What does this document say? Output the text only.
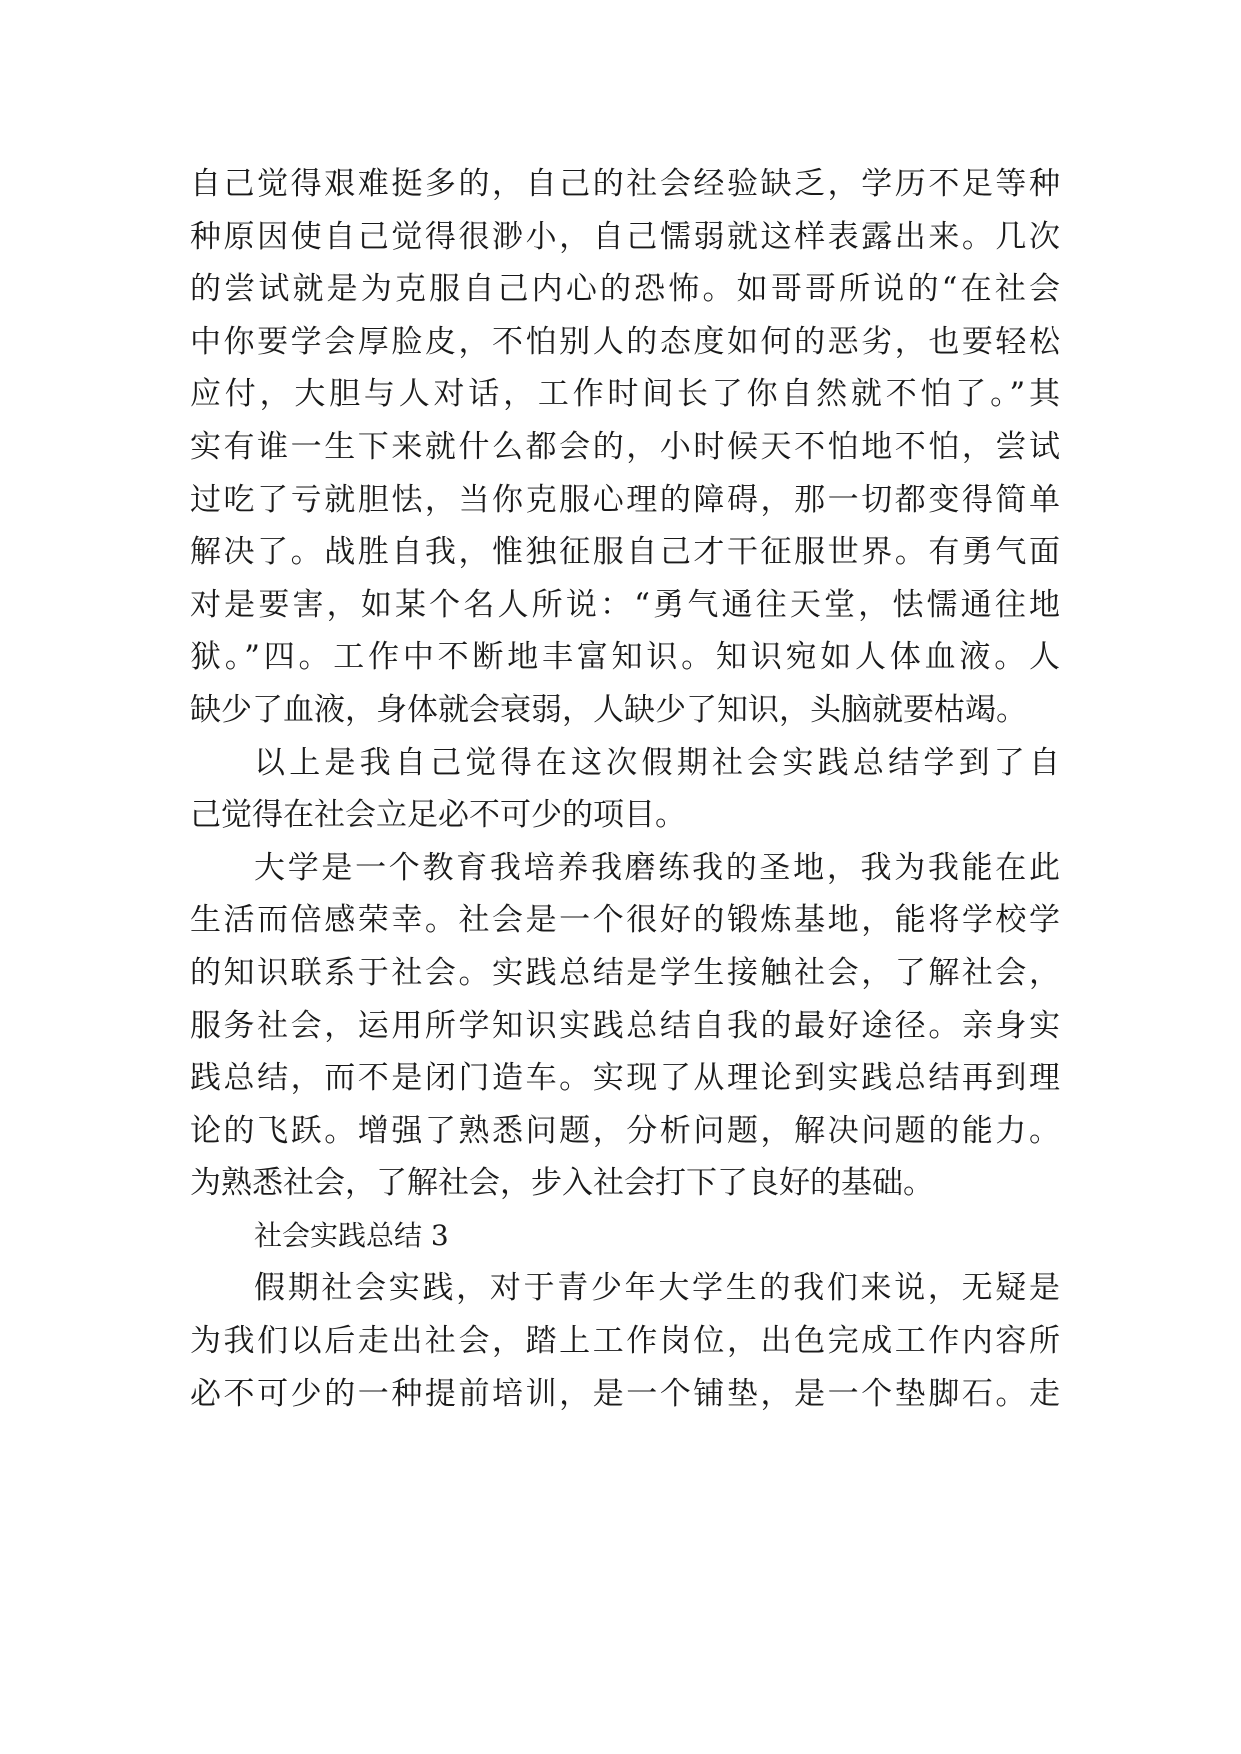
自己觉得艰难挺多的，自己的社会经验缺乏，学历不足等种
种原因使自己觉得很渺小，自己懦弱就这样表露出来。几次
的尝试就是为克服自己内心的恐怖。如哥哥所说的“在社会
中你要学会厚脸皮，不怕别人的态度如何的恶劣，也要轻松
应付，大胆与人对话，工作时间长了你自然就不怕了。”其
实有谁一生下来就什么都会的，小时候天不怕地不怕，尝试
过吃了亏就胆怯，当你克服心理的障碍，那一切都变得简单
解决了。战胜自我，惟独征服自己才干征服世界。有勇气面
对是要害，如某个名人所说：“勇气通往天堂，怯懦通往地
狱。”四。工作中不断地丰富知识。知识宛如人体血液。人
缺少了血液，身体就会衰弱，人缺少了知识，头脑就要枯竭。
以上是我自己觉得在这次假期社会实践总结学到了自
己觉得在社会立足必不可少的项目。
大学是一个教育我培养我磨练我的圣地，我为我能在此
生活而倍感荣幸。社会是一个很好的锻炼基地，能将学校学
的知识联系于社会。实践总结是学生接触社会，了解社会，
服务社会，运用所学知识实践总结自我的最好途径。亲身实
践总结，而不是闭门造车。实现了从理论到实践总结再到理
论的飞跃。增强了熟悉问题，分析问题，解决问题的能力。
为熟悉社会，了解社会，步入社会打下了良好的基础。
社会实践总结 3
假期社会实践，对于青少年大学生的我们来说，无疑是
为我们以后走出社会，踏上工作岗位，出色完成工作内容所
必不可少的一种提前培训，是一个铺垫，是一个垫脚石。走
